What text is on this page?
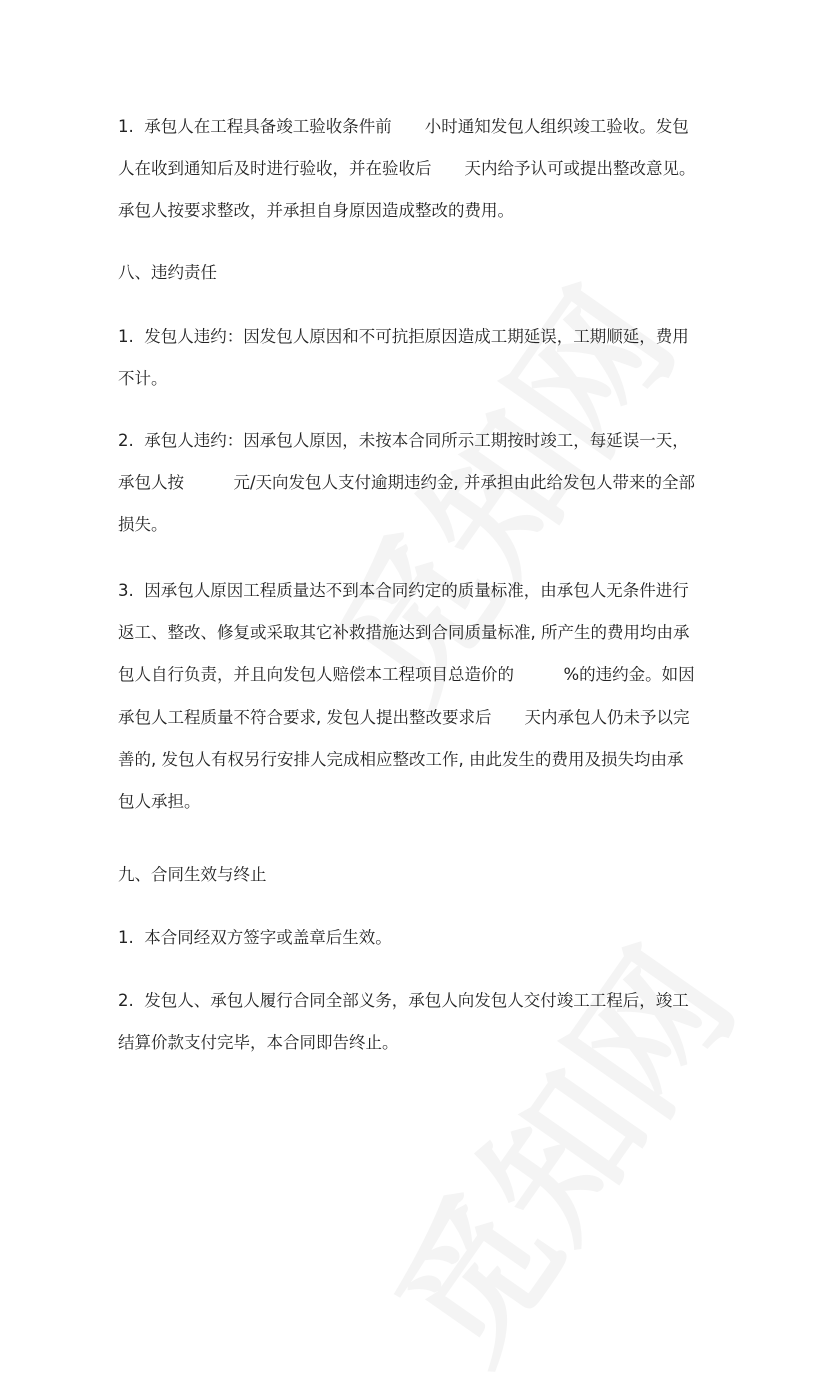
1.  承包人在工程具备竣工验收条件前　　小时通知发包人组织竣工验收。发包
人在收到通知后及时进行验收，并在验收后　　天内给予认可或提出整改意见。
承包人按要求整改，并承担自身原因造成整改的费用。
八、违约责任
1.  发包人违约：因发包人原因和不可抗拒原因造成工期延误，工期顺延，费用
不计。
2.  承包人违约：因承包人原因，未按本合同所示工期按时竣工，每延误一天，
承包人按　　　元/天向发包人支付逾期违约金, 并承担由此给发包人带来的全部
损失。
3.  因承包人原因工程质量达不到本合同约定的质量标准，由承包人无条件进行
返工、整改、修复或采取其它补救措施达到合同质量标准, 所产生的费用均由承
包人自行负责，并且向发包人赔偿本工程项目总造价的　　　%的违约金。如因
承包人工程质量不符合要求, 发包人提出整改要求后　　天内承包人仍未予以完
善的, 发包人有权另行安排人完成相应整改工作, 由此发生的费用及损失均由承
包人承担。
九、合同生效与终止
1.  本合同经双方签字或盖章后生效。
2.  发包人、承包人履行合同全部义务，承包人向发包人交付竣工工程后，竣工
结算价款支付完毕，本合同即告终止。
